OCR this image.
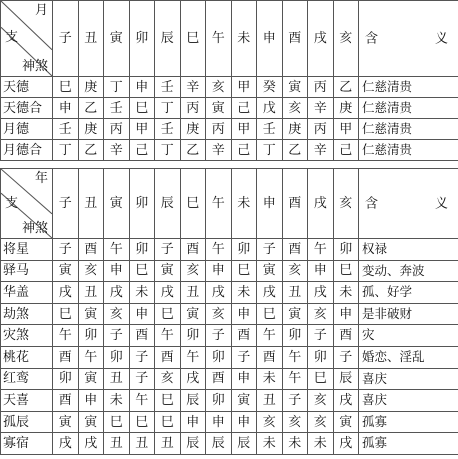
月
支
神煞	子	丑	寅	卯	辰	巳	午	未	申	酉	戌	亥	含 义

天德	巳	庚	丁	申	壬	辛	亥	甲	癸	寅	丙	乙	仁慈清贵
天德合	申	乙	壬	巳	丁	丙	寅	己	戊	亥	辛	庚	仁慈清贵
月德	壬	庚	丙	甲	壬	庚	丙	甲	壬	庚	丙	甲	仁慈清贵
月德合	丁	乙	辛	己	丁	乙	辛	己	丁	乙	辛	己	仁慈清贵
年
支
神煞	子	丑	寅	卯	辰	巳	午	未	申	酉	戌	亥	含 义

将星	子	酉	午	卯	子	酉	午	卯	子	酉	午	卯	权禄
驿马	寅	亥	申	巳	寅	亥	申	巳	寅	亥	申	巳	变动、奔波
华盖	戌	丑	戌	未	戌	丑	戌	未	戌	丑	戌	未	孤、好学
劫煞	巳	寅	亥	申	巳	寅	亥	申	巳	寅	亥	申	是非破财
灾煞	午	卯	子	酉	午	卯	子	酉	午	卯	子	酉	灾
桃花	酉	午	卯	子	酉	午	卯	子	酉	午	卯	子	婚恋、淫乱
红鸾	卯	寅	丑	子	亥	戌	酉	申	未	午	巳	辰	喜庆
天喜	酉	申	未	午	巳	辰	卯	寅	丑	子	亥	戌	喜庆
孤辰	寅	寅	巳	巳	巳	申	申	申	亥	亥	亥	寅	孤寡
寡宿	戌	戌	丑	丑	丑	辰	辰	辰	未	未	未	戌	孤寡
